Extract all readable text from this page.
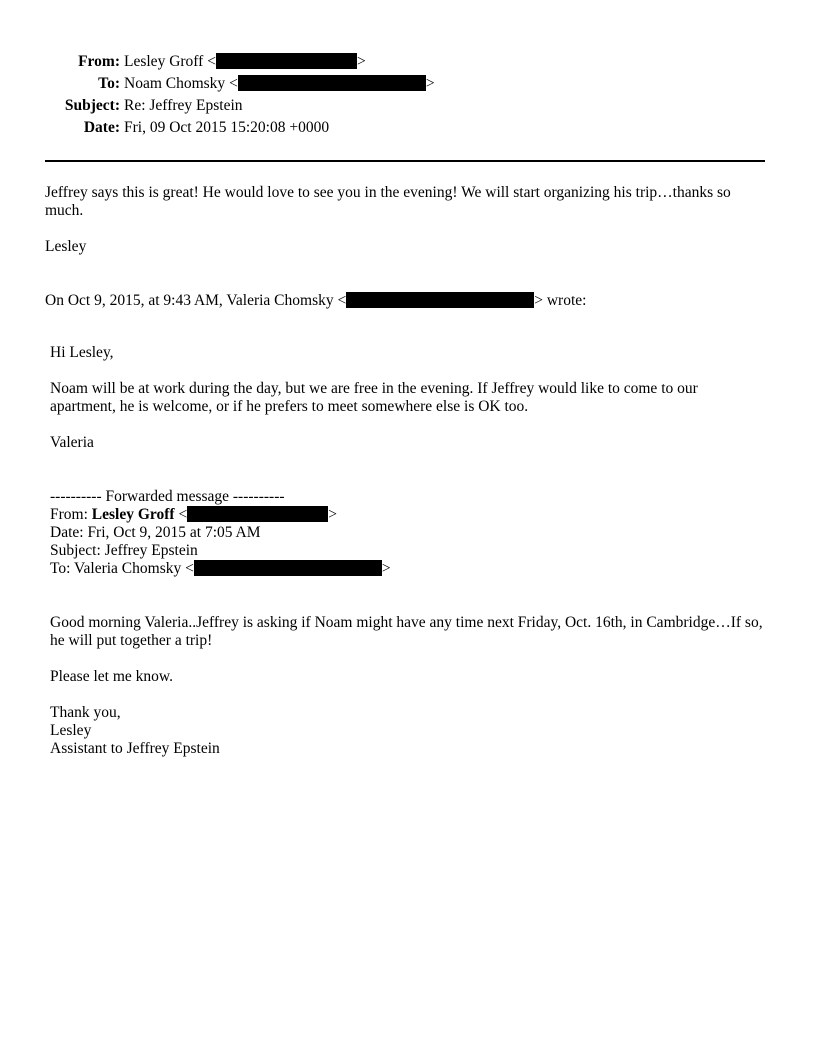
From: Lesley Groff <	>
To: Noam Chomsky <	>
Subject: Re: Jeffrey Epstein
Date: Fri, 09 Oct 2015 15:20:08 +0000
Jeffrey says this is great! He would love to see you in the evening! We will start organizing his trip…thanks so much.
Lesley
On Oct 9, 2015, at 9:43 AM, Valeria Chomsky <	> wrote:
Hi Lesley,
Noam will be at work during the day, but we are free in the evening. If Jeffrey would like to come to our apartment, he is welcome, or if he prefers to meet somewhere else is OK too.
Valeria
---------- Forwarded message ----------
From: Lesley Groff <	>
Date: Fri, Oct 9, 2015 at 7:05 AM
Subject: Jeffrey Epstein
To: Valeria Chomsky <	>
Good morning Valeria..Jeffrey is asking if Noam might have any time next Friday, Oct. 16th, in Cambridge…If so, he will put together a trip!
Please let me know.
Thank you,
Lesley
Assistant to Jeffrey Epstein
